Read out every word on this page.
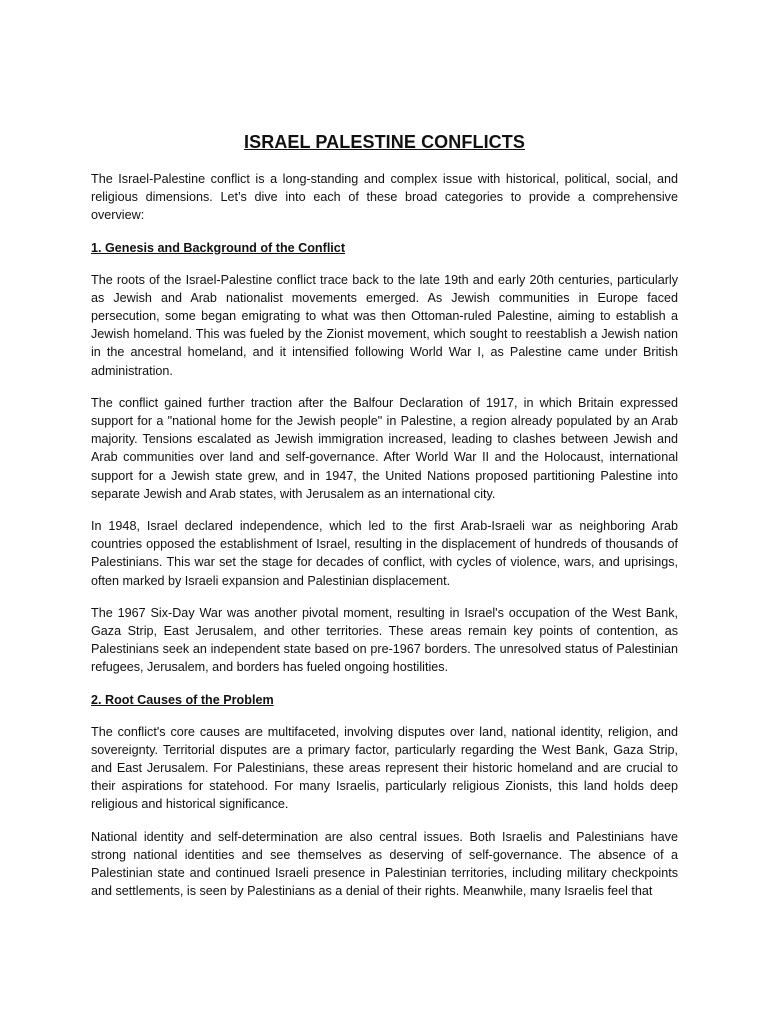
ISRAEL PALESTINE CONFLICTS

The Israel-Palestine conflict is a long-standing and complex issue with historical, political, social, and religious dimensions. Let’s dive into each of these broad categories to provide a comprehensive overview:

1. Genesis and Background of the Conflict

The roots of the Israel-Palestine conflict trace back to the late 19th and early 20th centuries, particularly as Jewish and Arab nationalist movements emerged. As Jewish communities in Europe faced persecution, some began emigrating to what was then Ottoman-ruled Palestine, aiming to establish a Jewish homeland. This was fueled by the Zionist movement, which sought to reestablish a Jewish nation in the ancestral homeland, and it intensified following World War I, as Palestine came under British administration.

The conflict gained further traction after the Balfour Declaration of 1917, in which Britain expressed support for a "national home for the Jewish people" in Palestine, a region already populated by an Arab majority. Tensions escalated as Jewish immigration increased, leading to clashes between Jewish and Arab communities over land and self-governance. After World War II and the Holocaust, international support for a Jewish state grew, and in 1947, the United Nations proposed partitioning Palestine into separate Jewish and Arab states, with Jerusalem as an international city.

In 1948, Israel declared independence, which led to the first Arab-Israeli war as neighboring Arab countries opposed the establishment of Israel, resulting in the displacement of hundreds of thousands of Palestinians. This war set the stage for decades of conflict, with cycles of violence, wars, and uprisings, often marked by Israeli expansion and Palestinian displacement.

The 1967 Six-Day War was another pivotal moment, resulting in Israel's occupation of the West Bank, Gaza Strip, East Jerusalem, and other territories. These areas remain key points of contention, as Palestinians seek an independent state based on pre-1967 borders. The unresolved status of Palestinian refugees, Jerusalem, and borders has fueled ongoing hostilities.

2. Root Causes of the Problem

The conflict's core causes are multifaceted, involving disputes over land, national identity, religion, and sovereignty. Territorial disputes are a primary factor, particularly regarding the West Bank, Gaza Strip, and East Jerusalem. For Palestinians, these areas represent their historic homeland and are crucial to their aspirations for statehood. For many Israelis, particularly religious Zionists, this land holds deep religious and historical significance.

National identity and self-determination are also central issues. Both Israelis and Palestinians have strong national identities and see themselves as deserving of self-governance. The absence of a Palestinian state and continued Israeli presence in Palestinian territories, including military checkpoints and settlements, is seen by Palestinians as a denial of their rights. Meanwhile, many Israelis feel that
